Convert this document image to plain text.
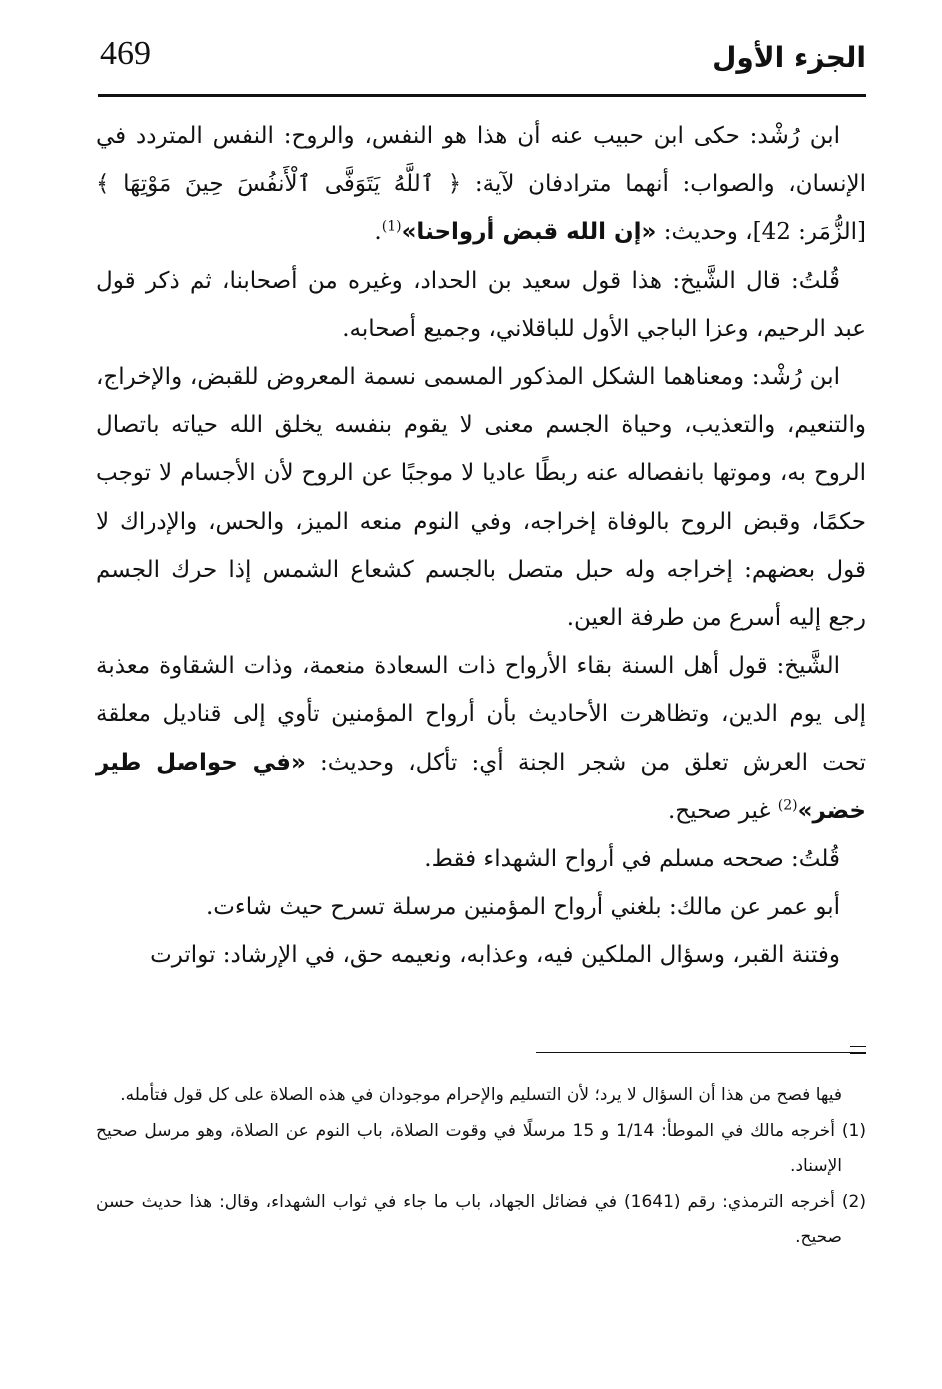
469	الجزء الأول

ابن رُشْد: حكى ابن حبيب عنه أن هذا هو النفس، والروح: النفس المتردد في الإنسان، والصواب: أنهما مترادفان لآية: ﴿ ٱللَّهُ يَتَوَفَّى ٱلْأَنفُسَ حِينَ مَوْتِهَا ﴾ [الزُّمَر: 42]، وحديث: «إن الله قبض أرواحنا»$^{(1)}$.

قُلتُ: قال الشَّيخ: هذا قول سعيد بن الحداد، وغيره من أصحابنا، ثم ذكر قول عبد الرحيم، وعزا الباجي الأول للباقلاني، وجميع أصحابه.

ابن رُشْد: ومعناهما الشكل المذكور المسمى نسمة المعروض للقبض، والإخراج، والتنعيم، والتعذيب، وحياة الجسم معنى لا يقوم بنفسه يخلق الله حياته باتصال الروح به، وموتها بانفصاله عنه ربطًا عاديا لا موجبًا عن الروح لأن الأجسام لا توجب حكمًا، وقبض الروح بالوفاة إخراجه، وفي النوم منعه الميز، والحس، والإدراك لا قول بعضهم: إخراجه وله حبل متصل بالجسم كشعاع الشمس إذا حرك الجسم رجع إليه أسرع من طرفة العين.

الشَّيخ: قول أهل السنة بقاء الأرواح ذات السعادة منعمة، وذات الشقاوة معذبة إلى يوم الدين، وتظاهرت الأحاديث بأن أرواح المؤمنين تأوي إلى قناديل معلقة تحت العرش تعلق من شجر الجنة أي: تأكل، وحديث: «في حواصل طير خضر»$^{(2)}$ غير صحيح.

قُلتُ: صححه مسلم في أرواح الشهداء فقط.

أبو عمر عن مالك: بلغني أرواح المؤمنين مرسلة تسرح حيث شاءت.

وفتنة القبر، وسؤال الملكين فيه، وعذابه، ونعيمه حق، في الإرشاد: تواترت

فيها فصح من هذا أن السؤال لا يرد؛ لأن التسليم والإحرام موجودان في هذه الصلاة على كل قول فتأمله.

(1) أخرجه مالك في الموطأ: 1/14 و 15 مرسلًا في وقوت الصلاة، باب النوم عن الصلاة، وهو مرسل صحيح الإسناد.

(2) أخرجه الترمذي: رقم (1641) في فضائل الجهاد، باب ما جاء في ثواب الشهداء، وقال: هذا حديث حسن صحيح.
